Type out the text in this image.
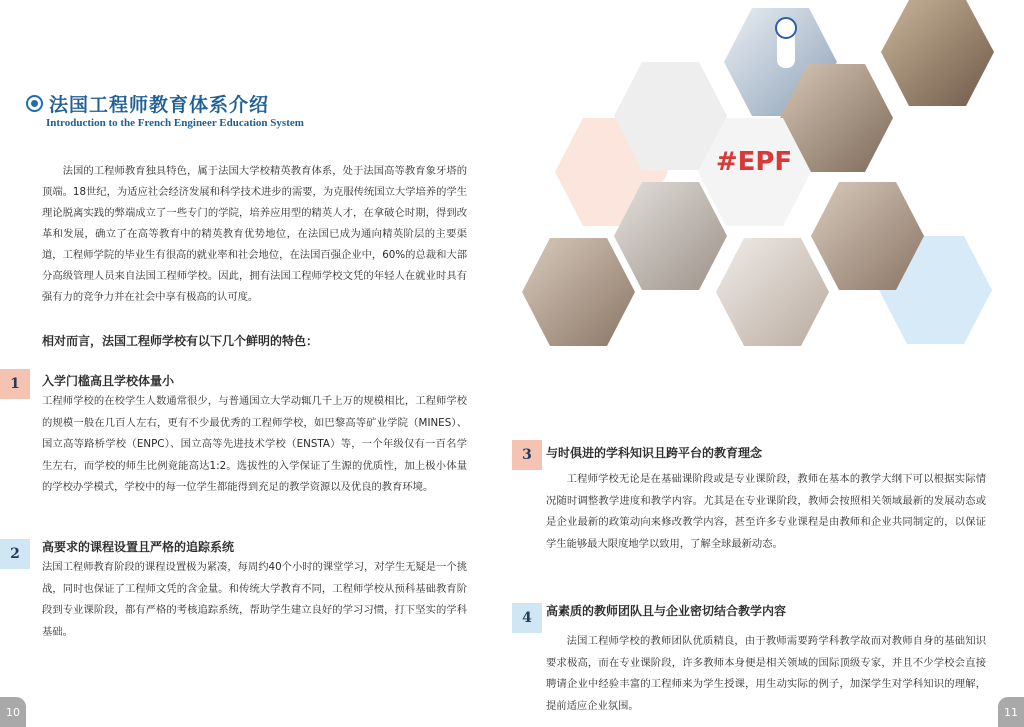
法国工程师教育体系介绍
Introduction to the French Engineer Education System

法国的工程师教育独具特色，属于法国大学校精英教育体系，处于法国高等教育象牙塔的顶端。18世纪，为适应社会经济发展和科学技术进步的需要，为克服传统国立大学培养的学生理论脱离实践的弊端成立了一些专门的学院，培养应用型的精英人才，在拿破仑时期，得到改革和发展，确立了在高等教育中的精英教育优势地位，在法国已成为通向精英阶层的主要渠道，工程师学院的毕业生有很高的就业率和社会地位，在法国百强企业中，60%的总裁和大部分高级管理人员来自法国工程师学校。因此，拥有法国工程师学校文凭的年轻人在就业时具有强有力的竞争力并在社会中享有极高的认可度。

相对而言，法国工程师学校有以下几个鲜明的特色：

1	入学门槛高且学校体量小

工程师学校的在校学生人数通常很少，与普通国立大学动辄几千上万的规模相比，工程师学校的规模一般在几百人左右，更有不少最优秀的工程师学校，如巴黎高等矿业学院（MINES）、国立高等路桥学校（ENPC）、国立高等先进技术学校（ENSTA）等，一个年级仅有一百名学生左右，而学校的师生比例竟能高达1:2。选拔性的入学保证了生源的优质性，加上极小体量的学校办学模式，学校中的每一位学生都能得到充足的教学资源以及优良的教育环境。

2	高要求的课程设置且严格的追踪系统

法国工程师教育阶段的课程设置极为紧凑，每周约40个小时的课堂学习，对学生无疑是一个挑战，同时也保证了工程师文凭的含金量。和传统大学教育不同，工程师学校从预科基础教育阶段到专业课阶段，都有严格的考核追踪系统，帮助学生建立良好的学习习惯，打下坚实的学科基础。

10
#EPF
3	与时俱进的学科知识且跨平台的教育理念

工程师学校无论是在基础课阶段或是专业课阶段，教师在基本的教学大纲下可以根据实际情况随时调整教学进度和教学内容。尤其是在专业课阶段，教师会按照相关领域最新的发展动态或是企业最新的政策动向来修改教学内容，甚至许多专业课程是由教师和企业共同制定的，以保证学生能够最大限度地学以致用，了解全球最新动态。

4	高素质的教师团队且与企业密切结合教学内容

法国工程师学校的教师团队优质精良，由于教师需要跨学科教学故而对教师自身的基础知识要求极高，而在专业课阶段，许多教师本身便是相关领域的国际顶级专家，并且不少学校会直接聘请企业中经验丰富的工程师来为学生授课，用生动实际的例子，加深学生对学科知识的理解，提前适应企业氛围。	11
